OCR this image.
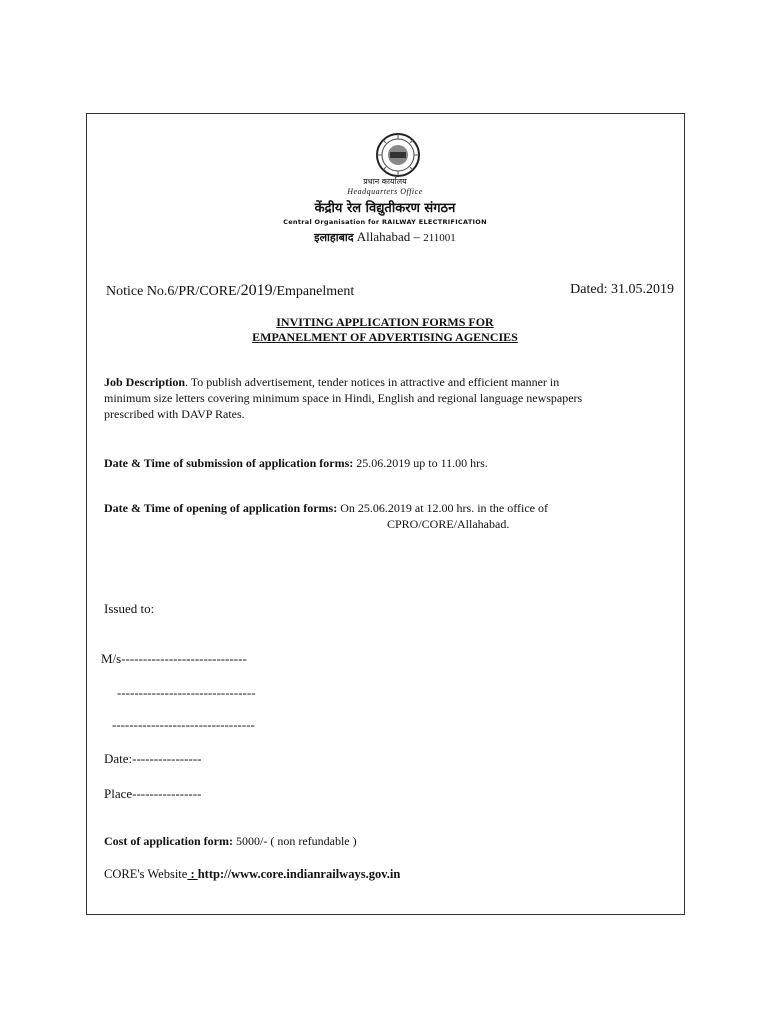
प्रधान कार्यालय
Headquarters Office
केंद्रीय रेल विद्युतीकरण संगठन
Central Organisation for RAILWAY ELECTRIFICATION
इलाहाबाद Allahabad – 211001
Notice No.6/PR/CORE/2019/Empanelment	Dated: 31.05.2019
INVITING APPLICATION FORMS FOR
EMPANELMENT OF ADVERTISING AGENCIES
Job Description. To publish advertisement, tender notices in attractive and efficient manner in
minimum size letters covering minimum space in Hindi, English and regional language newspapers
prescribed with DAVP Rates.
Date & Time of submission of application forms: 25.06.2019 up to 11.00 hrs.
Date & Time of opening of application forms: On 25.06.2019 at 12.00 hrs. in the office of
CPRO/CORE/Allahabad.
Issued to:
M/s-----------------------------
--------------------------------
---------------------------------
Date:----------------
Place----------------
Cost of application form: 5000/- ( non refundable )
CORE's Website : http://www.core.indianrailways.gov.in
